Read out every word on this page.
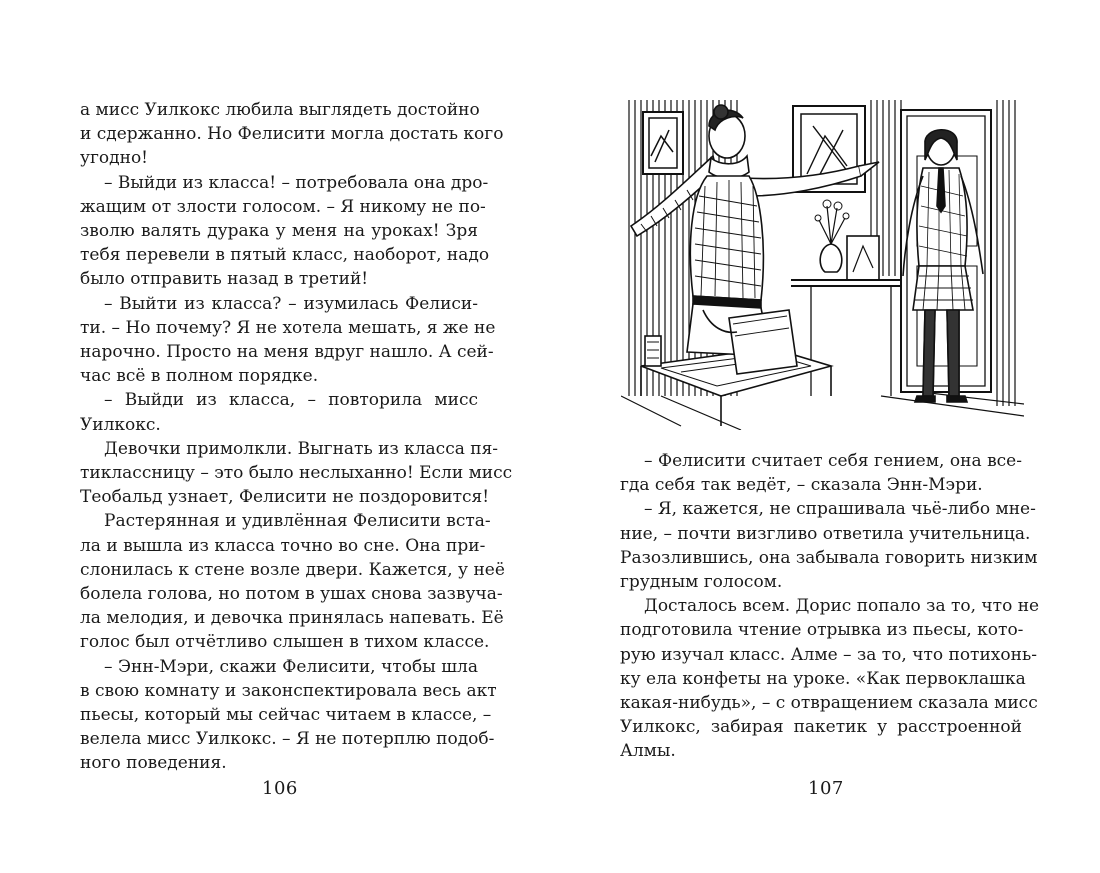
а мисс Уилкокс любила выглядеть достойно
и сдержанно. Но Фелисити могла достать кого
угодно!
– Выйди из класса! – потребовала она дро-
жащим от злости голосом. – Я никому не по-
зволю валять дурака у меня на уроках! Зря
тебя перевели в пятый класс, наоборот, надо
было отправить назад в третий!
– Выйти из класса? – изумилась Фелиси-
ти. – Но почему? Я не хотела мешать, я же не
нарочно. Просто на меня вдруг нашло. А сей-
час всё в полном порядке.
– Выйди из класса, – повторила мисс
Уилкокс.
Девочки примолкли. Выгнать из класса пя-
тиклассницу – это было неслыханно! Если мисс
Теобальд узнает, Фелисити не поздоровится!
Растерянная и удивлённая Фелисити вста-
ла и вышла из класса точно во сне. Она при-
слонилась к стене возле двери. Кажется, у неё
болела голова, но потом в ушах снова зазвуча-
ла мелодия, и девочка принялась напевать. Её
голос был отчётливо слышен в тихом классе.
– Энн-Мэри, скажи Фелисити, чтобы шла
в свою комнату и законспектировала весь акт
пьесы, который мы сейчас читаем в классе, –
велела мисс Уилкокс. – Я не потерплю подоб-
ного поведения.
106
– Фелисити считает себя гением, она все-
гда себя так ведёт, – сказала Энн-Мэри.
– Я, кажется, не спрашивала чьё-либо мне-
ние, – почти визгливо ответила учительница.
Разозлившись, она забывала говорить низким
грудным голосом.
Досталось всем. Дорис попало за то, что не
подготовила чтение отрывка из пьесы, кото-
рую изучал класс. Алме – за то, что потихонь-
ку ела конфеты на уроке. «Как первоклашка
какая-нибудь», – с отвращением сказала мисс
Уилкокс, забирая пакетик у расстроенной
Алмы.
107
